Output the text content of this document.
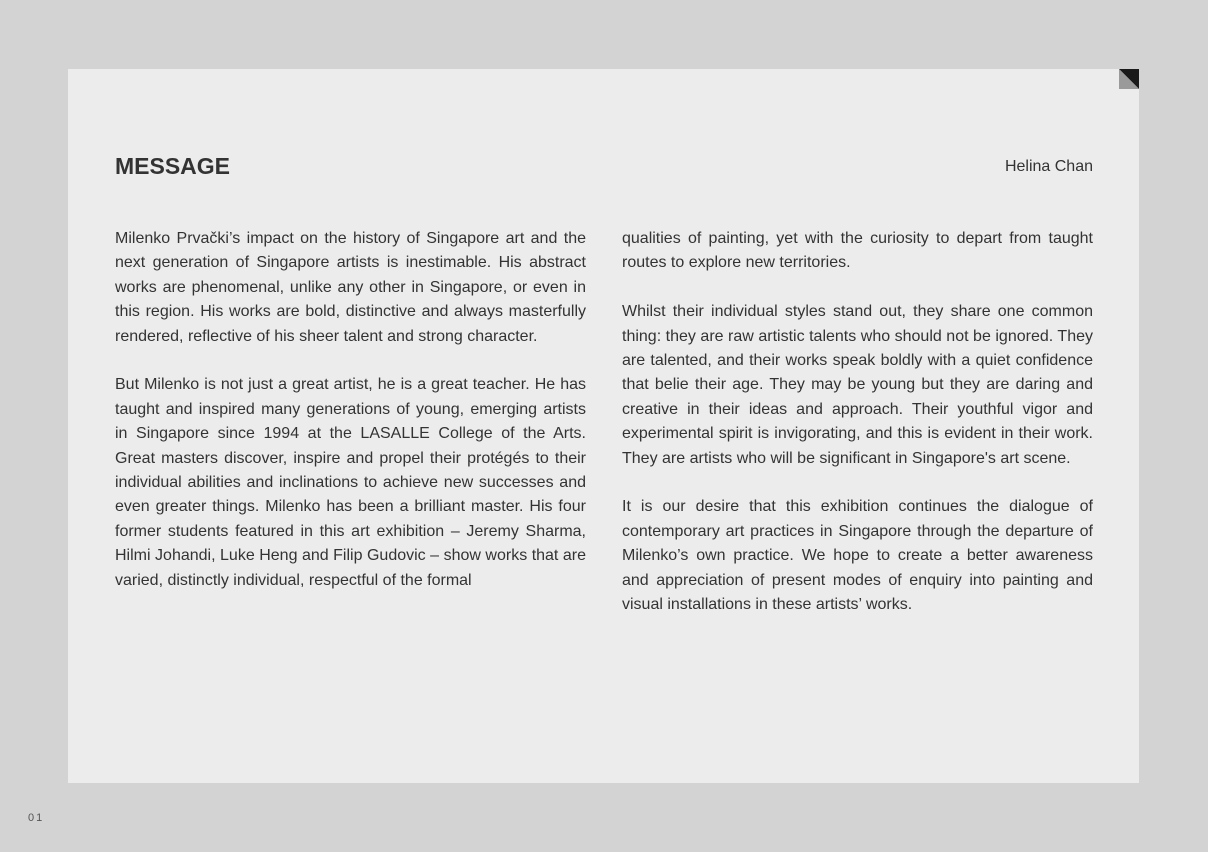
MESSAGE	Helina Chan

Milenko Prvački’s impact on the history of Singapore art and the next generation of Singapore artists is inestimable. His abstract works are phenomenal, unlike any other in Singapore, or even in this region. His works are bold, distinctive and always masterfully rendered, reflective of his sheer talent and strong character.

But Milenko is not just a great artist, he is a great teacher. He has taught and inspired many generations of young, emerging artists in Singapore since 1994 at the LASALLE College of the Arts. Great masters discover, inspire and propel their protégés to their individual abilities and inclinations to achieve new successes and even greater things. Milenko has been a brilliant master. His four former students featured in this art exhibition – Jeremy Sharma, Hilmi Johandi, Luke Heng and Filip Gudovic – show works that are varied, distinctly individual, respectful of the formal

qualities of painting, yet with the curiosity to depart from taught routes to explore new territories.

Whilst their individual styles stand out, they share one common thing: they are raw artistic talents who should not be ignored. They are talented, and their works speak boldly with a quiet confidence that belie their age. They may be young but they are daring and creative in their ideas and approach. Their youthful vigor and experimental spirit is invigorating, and this is evident in their work. They are artists who will be significant in Singapore's art scene.

It is our desire that this exhibition continues the dialogue of contemporary art practices in Singapore through the departure of Milenko’s own practice. We hope to create a better awareness and appreciation of present modes of enquiry into painting and visual installations in these artists’ works.

01
